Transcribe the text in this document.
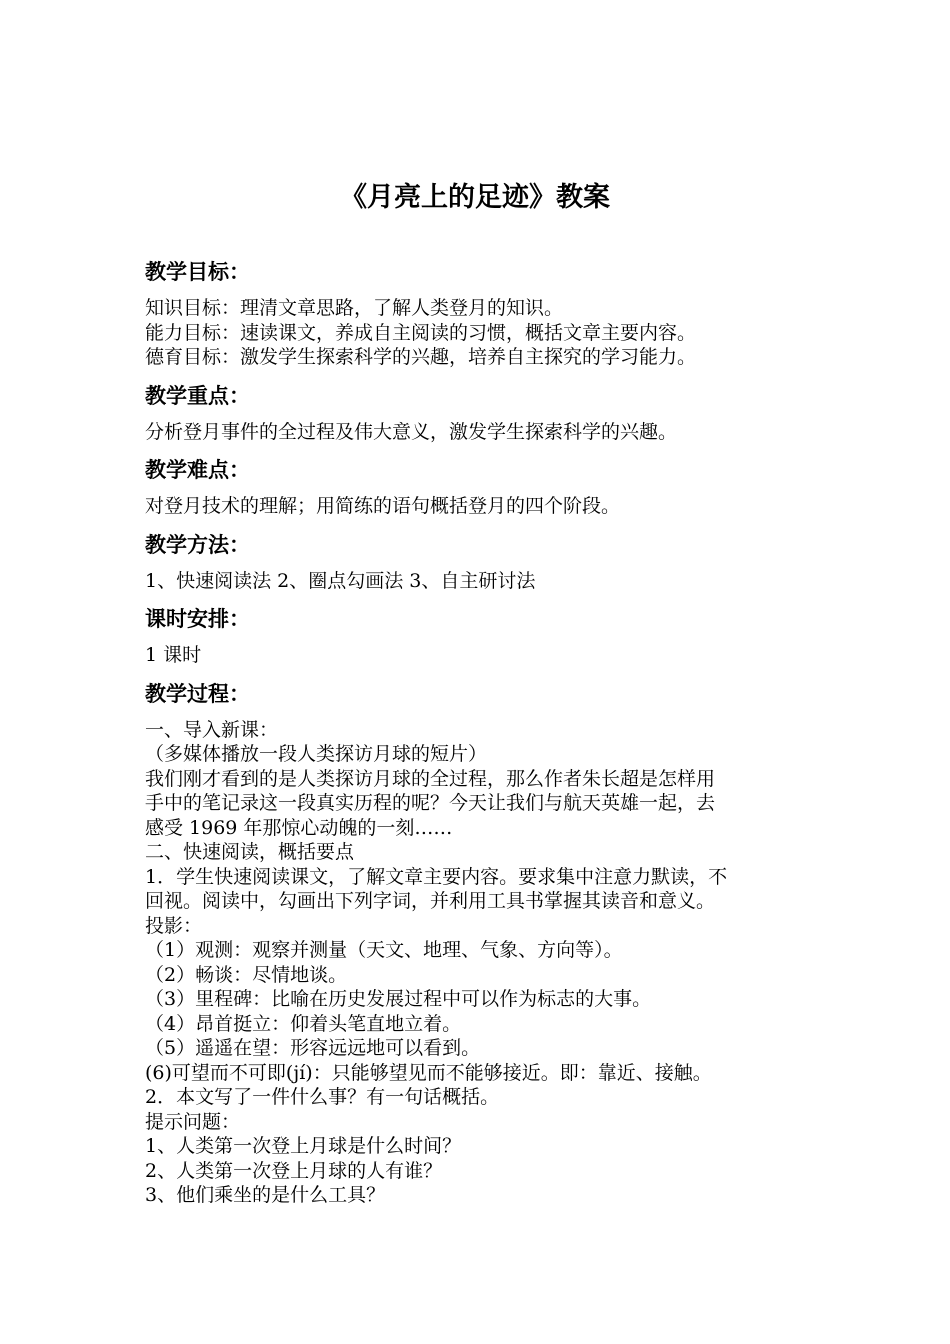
《月亮上的足迹》教案
教学目标：
知识目标：理清文章思路，了解人类登月的知识。
能力目标：速读课文，养成自主阅读的习惯，概括文章主要内容。
德育目标：激发学生探索科学的兴趣，培养自主探究的学习能力。
教学重点：
分析登月事件的全过程及伟大意义，激发学生探索科学的兴趣。
教学难点：
对登月技术的理解；用简练的语句概括登月的四个阶段。
教学方法：
1、快速阅读法 2、圈点勾画法 3、自主研讨法
课时安排：
1 课时
教学过程：
一、导入新课：
（多媒体播放一段人类探访月球的短片）
我们刚才看到的是人类探访月球的全过程，那么作者朱长超是怎样用
手中的笔记录这一段真实历程的呢？今天让我们与航天英雄一起，去
感受 1969 年那惊心动魄的一刻……
二、快速阅读，概括要点
1．学生快速阅读课文，了解文章主要内容。要求集中注意力默读，不
回视。阅读中，勾画出下列字词，并利用工具书掌握其读音和意义。
投影：
（1）观测：观察并测量（天文、地理、气象、方向等）。
（2）畅谈：尽情地谈。
（3）里程碑：比喻在历史发展过程中可以作为标志的大事。
（4）昂首挺立：仰着头笔直地立着。
（5）遥遥在望：形容远远地可以看到。
(6)可望而不可即(jí)：只能够望见而不能够接近。即：靠近、接触。
2．本文写了一件什么事？有一句话概括。
提示问题：
1、人类第一次登上月球是什么时间？
2、人类第一次登上月球的人有谁？
3、他们乘坐的是什么工具？
